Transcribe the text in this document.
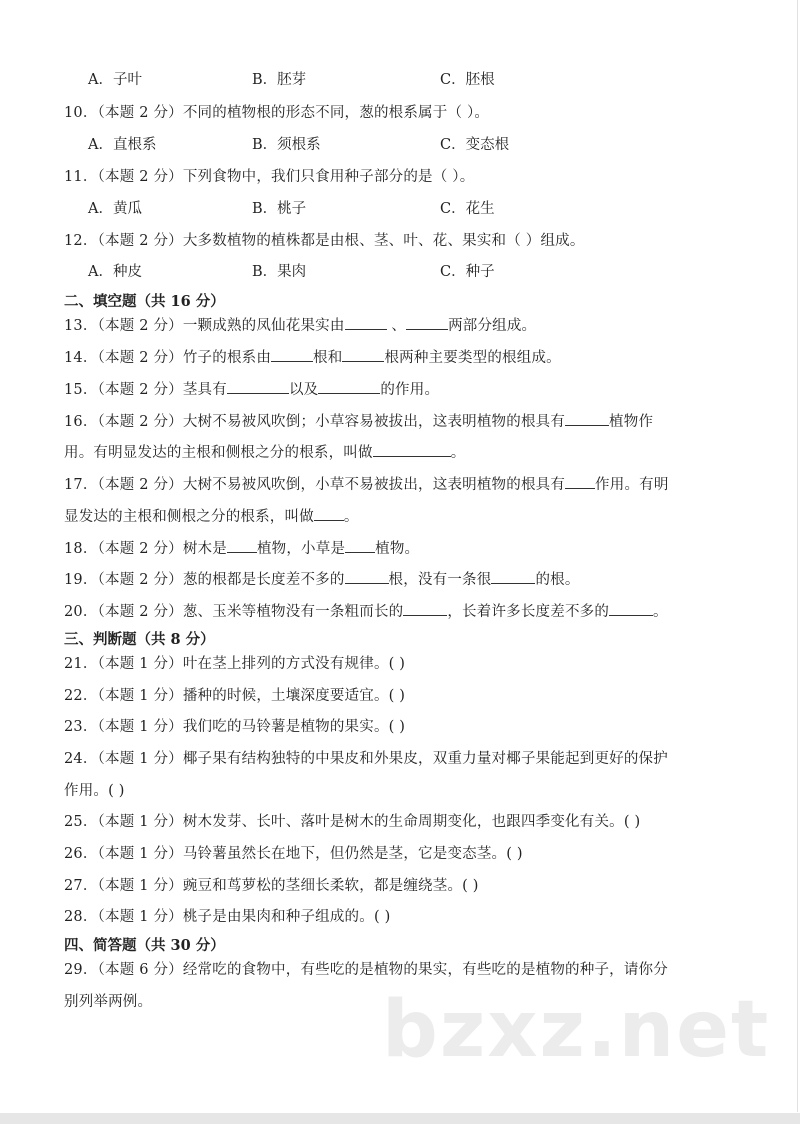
A．子叶	B．胚芽	C．胚根
10．（本题 2 分）不同的植物根的形态不同，葱的根系属于（ ）。
A．直根系	B．须根系	C．变态根
11．（本题 2 分）下列食物中，我们只食用种子部分的是（ ）。
A．黄瓜	B．桃子	C．花生
12．（本题 2 分）大多数植物的植株都是由根、茎、叶、花、果实和（ ）组成。
A．种皮	B．果肉	C．种子
二、填空题（共 16 分）
13．（本题 2 分）一颗成熟的凤仙花果实由	、	两部分组成。
14．（本题 2 分）竹子的根系由	根和	根两种主要类型的根组成。
15．（本题 2 分）茎具有	以及	的作用。
16．（本题 2 分）大树不易被风吹倒；小草容易被拔出，这表明植物的根具有	植物作
用。有明显发达的主根和侧根之分的根系，叫做	。
17．（本题 2 分）大树不易被风吹倒，小草不易被拔出，这表明植物的根具有 作用。有明
显发达的主根和侧根之分的根系，叫做 。
18．（本题 2 分）树木是 植物，小草是 植物。
19．（本题 2 分）葱的根都是长度差不多的	根，没有一条很	的根。
20．（本题 2 分）葱、玉米等植物没有一条粗而长的	，长着许多长度差不多的	。
三、判断题（共 8 分）
21．（本题 1 分）叶在茎上排列的方式没有规律。( )
22．（本题 1 分）播种的时候，土壤深度要适宜。( )
23．（本题 1 分）我们吃的马铃薯是植物的果实。( )
24．（本题 1 分）椰子果有结构独特的中果皮和外果皮，双重力量对椰子果能起到更好的保护
作用。( )
25．（本题 1 分）树木发芽、长叶、落叶是树木的生命周期变化，也跟四季变化有关。( )
26．（本题 1 分）马铃薯虽然长在地下，但仍然是茎，它是变态茎。( )
27．（本题 1 分）豌豆和茑萝松的茎细长柔软，都是缠绕茎。( )
28．（本题 1 分）桃子是由果肉和种子组成的。( )
四、简答题（共 30 分）
29．（本题 6 分）经常吃的食物中，有些吃的是植物的果实，有些吃的是植物的种子，请你分
别列举两例。	bzxz.net
